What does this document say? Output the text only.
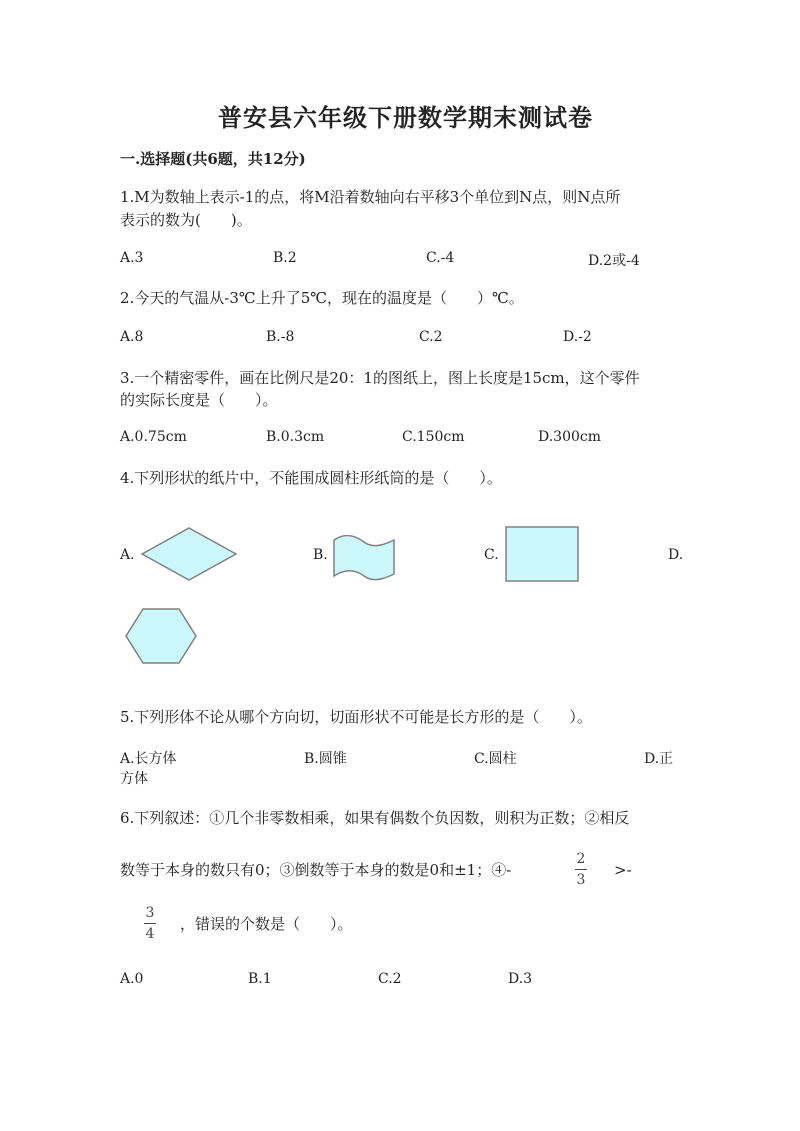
普安县六年级下册数学期末测试卷
一.选择题(共6题，共12分)
1.M为数轴上表示-1的点，将M沿着数轴向右平移3个单位到N点，则N点所
表示的数为(　　)。
A.3	B.2	C.-4	D.2或-4
2.今天的气温从-3℃上升了5℃，现在的温度是（　　）℃。
A.8	B.-8	C.2	D.-2
3.一个精密零件，画在比例尺是20：1的图纸上，图上长度是15cm，这个零件
的实际长度是（　　）。
A.0.75cm	B.0.3cm	C.150cm	D.300cm
4.下列形状的纸片中，不能围成圆柱形纸筒的是（　　）。
A.	B.	C.	D.
5.下列形体不论从哪个方向切，切面形状不可能是长方形的是（　　）。
A.长方体	B.圆锥	C.圆柱	D.正
方体
6.下列叙述：①几个非零数相乘，如果有偶数个负因数，则积为正数；②相反
数等于本身的数只有0；③倒数等于本身的数是0和±1；④-
2
3
>-
3
4
，错误的个数是（　　）。
A.0	B.1	C.2	D.3
